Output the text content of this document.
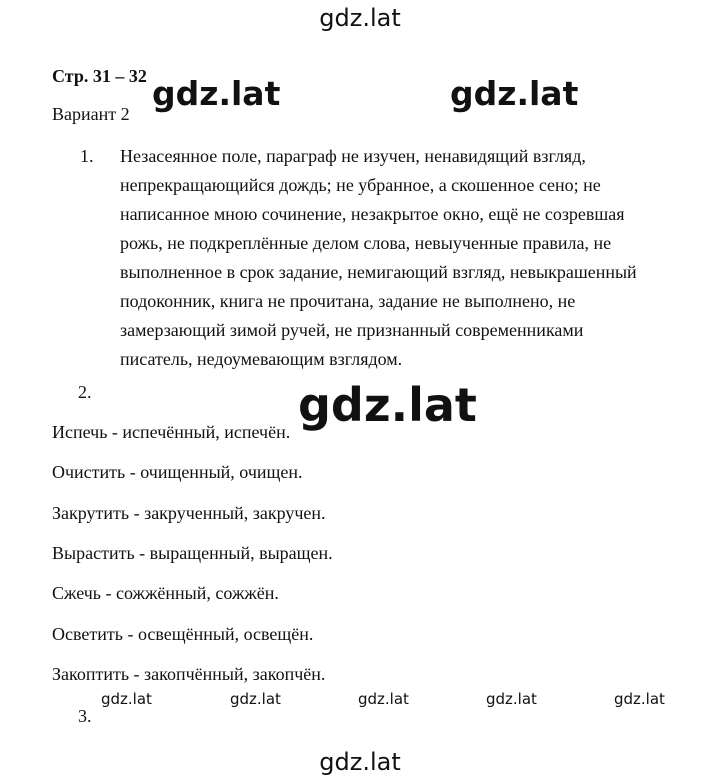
Стр. 31 – 32
Вариант 2
1. Незасеянное поле, параграф не изучен, ненавидящий взгляд,
непрекращающийся дождь; не убранное, а скошенное сено; не
написанное мною сочинение, незакрытое окно, ещё не созревшая
рожь, не подкреплённые делом слова, невыученные правила, не
выполненное в срок задание, немигающий взгляд, невыкрашенный
подоконник, книга не прочитана, задание не выполнено, не
замерзающий зимой ручей, не признанный современниками
писатель, недоумевающим взглядом.
2.
Испечь - испечённый, испечён.
Очистить - очищенный, очищен.
Закрутить - закрученный, закручен.
Вырастить - выращенный, выращен.
Сжечь - сожжённый, сожжён.
Осветить - освещённый, освещён.
Закоптить - закопчённый, закопчён.
3.
gdz.lat
gdz.lat	gdz.lat
gdz.lat
gdz.lat	gdz.lat	gdz.lat	gdz.lat	gdz.lat
gdz.lat
